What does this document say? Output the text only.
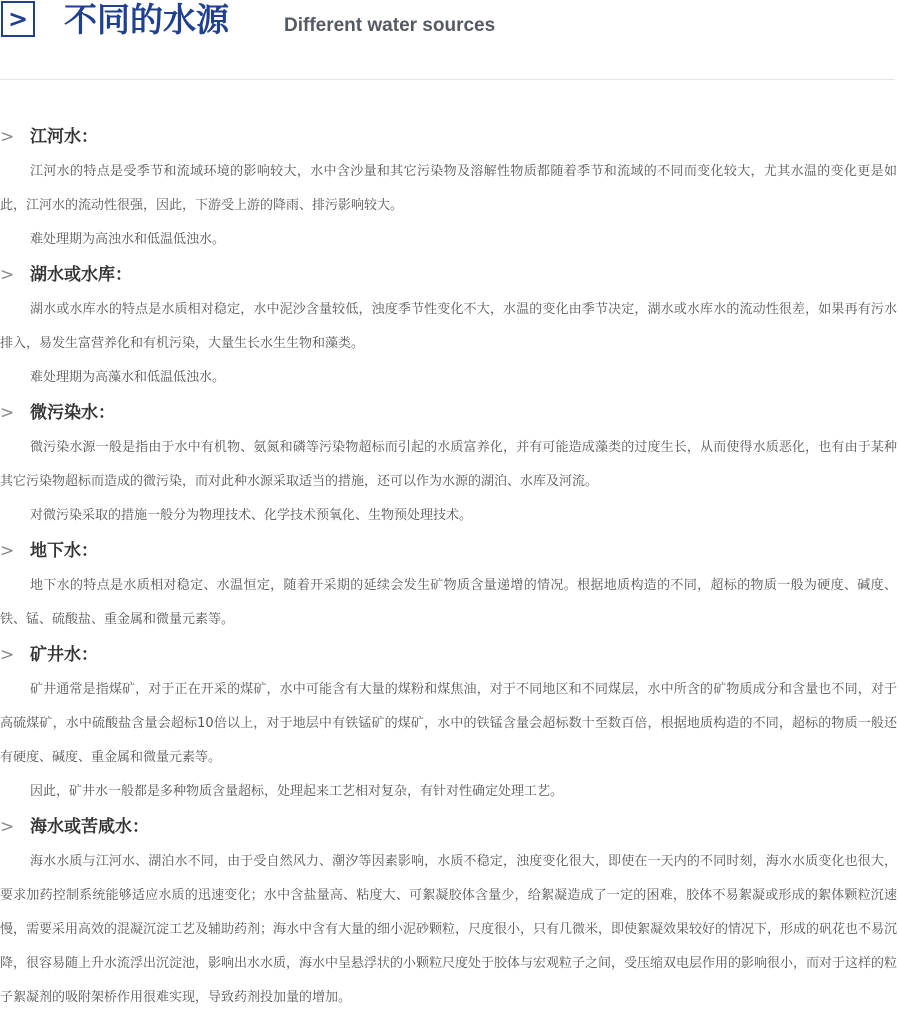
> 不同的水源	Different water sources
> 江河水：

江河水的特点是受季节和流域环境的影响较大，水中含沙量和其它污染物及溶解性物质都随着季节和流域的不同而变化较大，尤其水温的变化更是如此，江河水的流动性很强，因此，下游受上游的降雨、排污影响较大。

难处理期为高浊水和低温低浊水。

> 湖水或水库：

湖水或水库水的特点是水质相对稳定，水中泥沙含量较低，浊度季节性变化不大，水温的变化由季节决定，湖水或水库水的流动性很差，如果再有污水排入，易发生富营养化和有机污染，大量生长水生生物和藻类。

难处理期为高藻水和低温低浊水。

> 微污染水：

微污染水源一般是指由于水中有机物、氨氮和磷等污染物超标而引起的水质富养化，并有可能造成藻类的过度生长，从而使得水质恶化，也有由于某种其它污染物超标而造成的微污染，而对此种水源采取适当的措施，还可以作为水源的湖泊、水库及河流。

对微污染采取的措施一般分为物理技术、化学技术预氧化、生物预处理技术。

> 地下水：

地下水的特点是水质相对稳定、水温恒定，随着开采期的延续会发生矿物质含量递增的情况。根据地质构造的不同，超标的物质一般为硬度、碱度、铁、锰、硫酸盐、重金属和微量元素等。

> 矿井水：

矿井通常是指煤矿，对于正在开采的煤矿，水中可能含有大量的煤粉和煤焦油，对于不同地区和不同煤层，水中所含的矿物质成分和含量也不同，对于高硫煤矿，水中硫酸盐含量会超标10倍以上，对于地层中有铁锰矿的煤矿，水中的铁锰含量会超标数十至数百倍，根据地质构造的不同，超标的物质一般还有硬度、碱度、重金属和微量元素等。

因此，矿井水一般都是多种物质含量超标，处理起来工艺相对复杂，有针对性确定处理工艺。

> 海水或苦咸水：

海水水质与江河水、湖泊水不同，由于受自然风力、潮汐等因素影响，水质不稳定，浊度变化很大，即使在一天内的不同时刻，海水水质变化也很大，要求加药控制系统能够适应水质的迅速变化；水中含盐量高、粘度大、可絮凝胶体含量少，给絮凝造成了一定的困难，胶体不易絮凝或形成的絮体颗粒沉速慢，需要采用高效的混凝沉淀工艺及辅助药剂；海水中含有大量的细小泥砂颗粒，尺度很小，只有几微米，即使絮凝效果较好的情况下，形成的矾花也不易沉降，很容易随上升水流浮出沉淀池，影响出水水质，海水中呈悬浮状的小颗粒尺度处于胶体与宏观粒子之间，受压缩双电层作用的影响很小，而对于这样的粒子絮凝剂的吸附架桥作用很难实现，导致药剂投加量的增加。
